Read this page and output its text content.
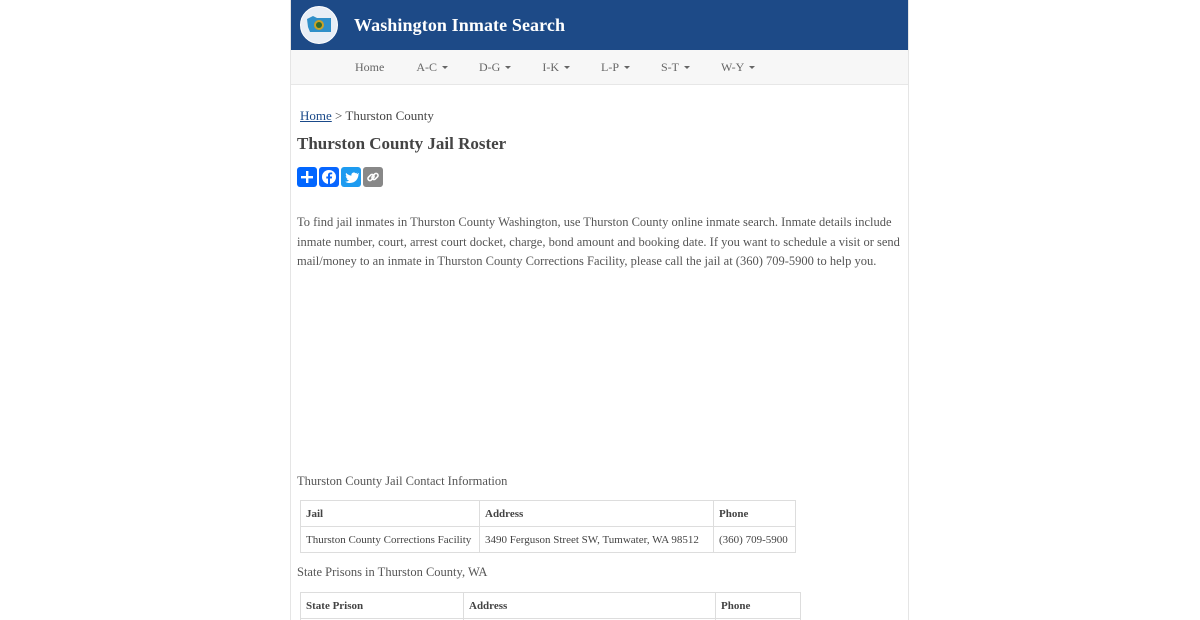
Washington Inmate Search
Home	A-C	D-G	I-K	L-P	S-T	W-Y
Home > Thurston County
Thurston County Jail Roster

To find jail inmates in Thurston County Washington, use Thurston County online inmate search. Inmate details include inmate number, court, arrest court docket, charge, bond amount and booking date. If you want to schedule a visit or send mail/money to an inmate in Thurston County Corrections Facility, please call the jail at (360) 709-5900 to help you.

Thurston County Jail Contact Information

Jail	Address	Phone
Thurston County Corrections Facility	3490 Ferguson Street SW, Tumwater, WA 98512	(360) 709-5900

State Prisons in Thurston County, WA

State Prison	Address	Phone
